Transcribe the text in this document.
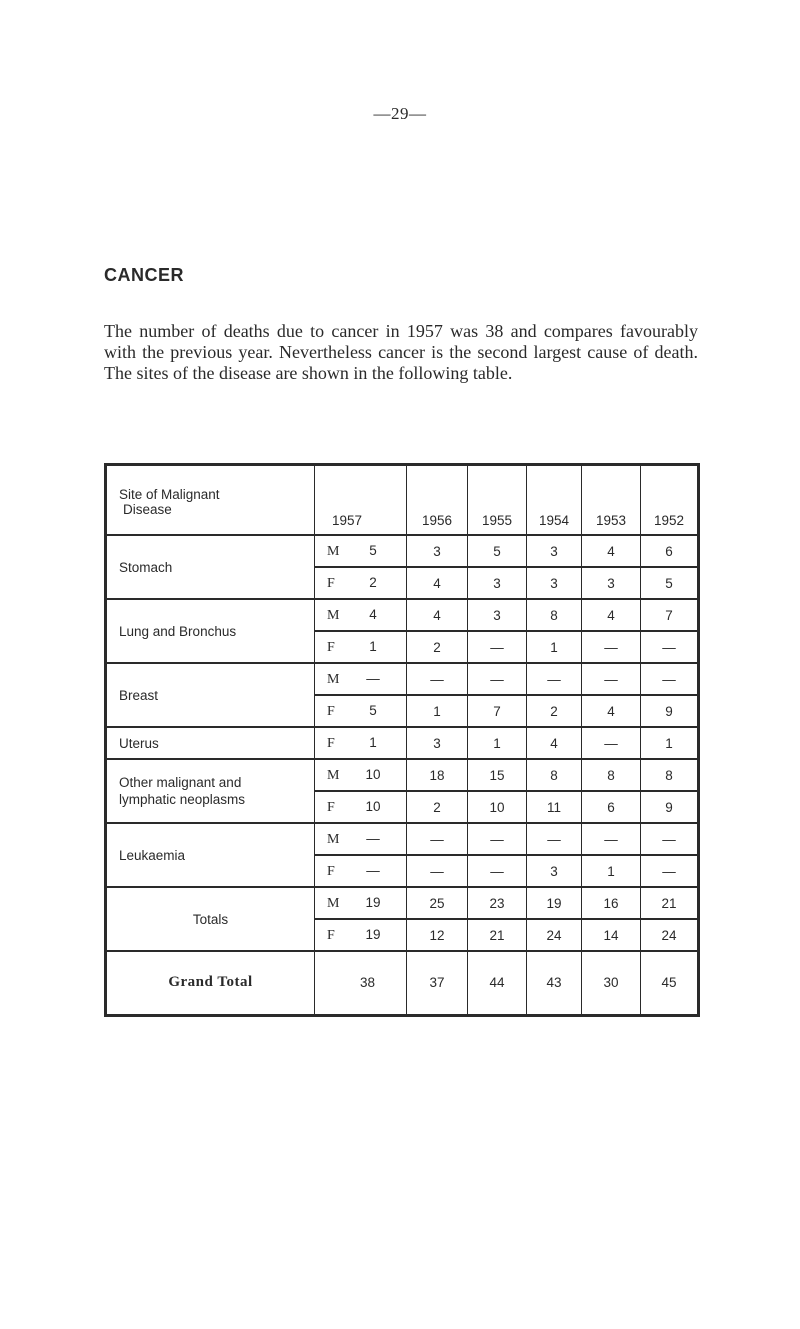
—29—
CANCER

The number of deaths due to cancer in 1957 was 38 and compares favourably with the previous year. Nevertheless cancer is the second largest cause of death. The sites of the disease are shown in the following table.

Site of Malignant
Disease	1957	1956	1955	1954	1953	1952
Stomach	M 5	3	5	3	4	6
	F 2	4	3	3	3	5
Lung and Bronchus	M 4	4	3	8	4	7
	F 1	2	—	1	—	—
Breast	M —	—	—	—	—	—
	F 5	1	7	2	4	9
Uterus	F 1	3	1	4	—	1
Other malignant and
lymphatic neoplasms	M 10	18	15	8	8	8
	F 10	2	10	11	6	9
Leukaemia	M —	—	—	—	—	—
	F —	—	—	3	1	—
Totals	M 19	25	23	19	16	21
	F 19	12	21	24	14	24
Grand Total	38	37	44	43	30	45
